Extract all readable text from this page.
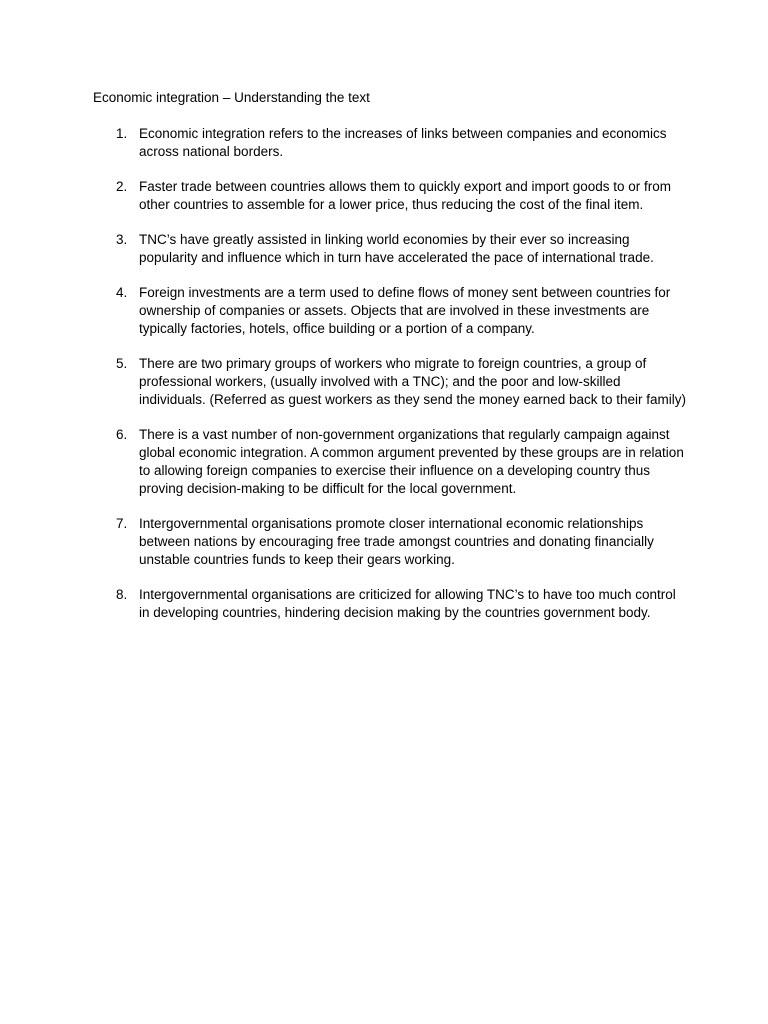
Economic integration – Understanding the text
1. Economic integration refers to the increases of links between companies and economics across national borders.
2. Faster trade between countries allows them to quickly export and import goods to or from other countries to assemble for a lower price, thus reducing the cost of the final item.
3. TNC’s have greatly assisted in linking world economies by their ever so increasing popularity and influence which in turn have accelerated the pace of international trade.
4. Foreign investments are a term used to define flows of money sent between countries for ownership of companies or assets. Objects that are involved in these investments are typically factories, hotels, office building or a portion of a company.
5. There are two primary groups of workers who migrate to foreign countries, a group of professional workers, (usually involved with a TNC); and the poor and low-skilled individuals. (Referred as guest workers as they send the money earned back to their family)
6. There is a vast number of non-government organizations that regularly campaign against global economic integration. A common argument prevented by these groups are in relation to allowing foreign companies to exercise their influence on a developing country thus proving decision-making to be difficult for the local government.
7. Intergovernmental organisations promote closer international economic relationships between nations by encouraging free trade amongst countries and donating financially unstable countries funds to keep their gears working.
8. Intergovernmental organisations are criticized for allowing TNC’s to have too much control in developing countries, hindering decision making by the countries government body.
